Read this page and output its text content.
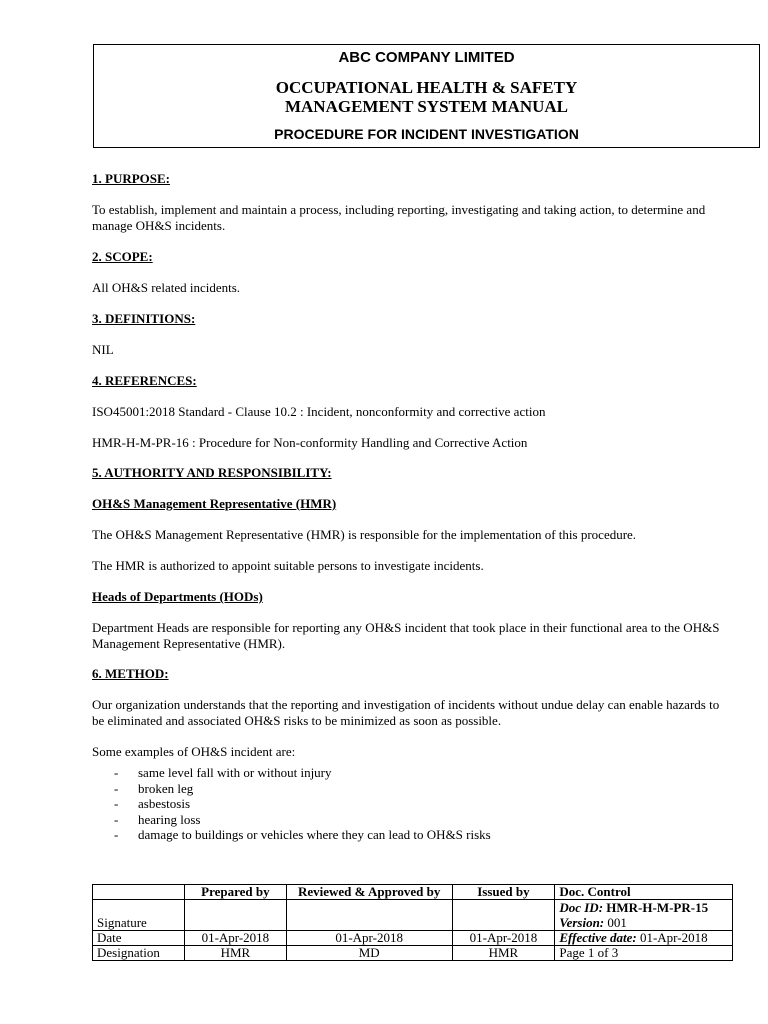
ABC COMPANY LIMITED
OCCUPATIONAL HEALTH & SAFETY
MANAGEMENT SYSTEM MANUAL
PROCEDURE FOR INCIDENT INVESTIGATION

1. PURPOSE:

To establish, implement and maintain a process, including reporting, investigating and taking action, to determine and manage OH&S incidents.

2. SCOPE:

All OH&S related incidents.

3. DEFINITIONS:

NIL

4. REFERENCES:

ISO45001:2018 Standard - Clause 10.2 : Incident, nonconformity and corrective action

HMR-H-M-PR-16 : Procedure for Non-conformity Handling and Corrective Action

5. AUTHORITY AND RESPONSIBILITY:

OH&S Management Representative (HMR)

The OH&S Management Representative (HMR) is responsible for the implementation of this procedure.

The HMR is authorized to appoint suitable persons to investigate incidents.

Heads of Departments (HODs)

Department Heads are responsible for reporting any OH&S incident that took place in their functional area to the OH&S Management Representative (HMR).

6. METHOD:

Our organization understands that the reporting and investigation of incidents without undue delay can enable hazards to be eliminated and associated OH&S risks to be minimized as soon as possible.

Some examples of OH&S incident are:

- same level fall with or without injury
- broken leg
- asbestosis
- hearing loss
- damage to buildings or vehicles where they can lead to OH&S risks
	Prepared by	Reviewed & Approved by	Issued by	Doc. Control
Signature				Doc ID: HMR-H-M-PR-15
Version: 001
Date	01-Apr-2018	01-Apr-2018	01-Apr-2018	Effective date: 01-Apr-2018
Designation	HMR	MD	HMR	Page 1 of 3
